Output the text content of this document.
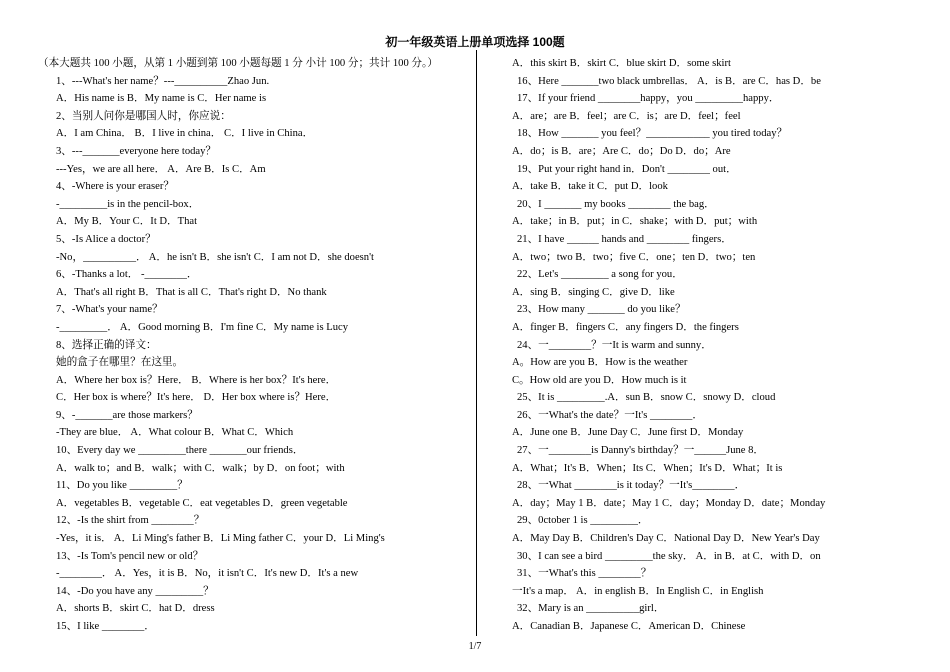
初一年级英语上册单项选择 100题
（本大题共 100 小题，从第 1 小题到第 100 小题每题 1 分 小计 100 分；共计 100 分。）
1、---What's her name？---__________Zhao Jun.
A．His name is B．My name is C．Her name is
2、当别人问你是哪国人时，你应说：
A．I am China． B．I live in china． C．I live in China．
3、---_______everyone here today？
---Yes，we are all here． A．Are B．Is C．Am
4、-Where is your eraser？
-_________is in the pencil-box．
A．My B．Your C．It D．That
5、-Is Alice a doctor？
-No，__________． A．he isn't B．she isn't C．I am not D．she doesn't
6、-Thanks a lot． -________．
A．That's all right B．That is all C．That's right D．No thank
7、-What's your name？
-_________． A．Good morning B．I'm fine C．My name is Lucy
8、选择正确的译文：
她的盒子在哪里？在这里。
A．Where her box is？Here． B．Where is her box？It's here．
C．Her box is where？It's here． D．Her box where is？Here．
9、-_______are those markers？
-They are blue． A．What colour B．What C．Which
10、Every day we _________there _______our friends．
A．walk to；and B．walk；with C．walk；by D．on foot；with
11、Do you like _________？
A．vegetables B．vegetable C．eat vegetables D．green vegetable
12、-Is the shirt from ________？
-Yes，it is． A．Li Ming's father B．Li Ming father C．your D．Li Ming's
13、-Is Tom's pencil new or old？
-________． A．Yes，it is B．No，it isn't C．It's new D．It's a new
14、-Do you have any _________？
A．shorts B．skirt C．hat D．dress
15、I like ________．
A．this skirt B．skirt C．blue skirt D．some skirt
16、Here _______two black umbrellas． A．is B．are C．has D．be
17、If your friend ________happy，you _________happy．
A．are；are B．feel；are C．is；are D．feel；feel
18、How _______ you feel？____________ you tired today？
A．do；is B．are；Are C．do；Do D．do；Are
19、Put your right hand in．Don't ________ out．
A．take B．take it C．put D．look
20、I _______ my books ________ the bag．
A．take；in B．put；in C．shake；with D．put；with
21、I have ______ hands and ________ fingers．
A．two；two B．two；five C．one；ten D．two；ten
22、Let's _________ a song for you．
A．sing B．singing C．give D．like
23、How many _______ do you like？
A．finger B．fingers C．any fingers D．the fingers
24、一________？一It is warm and sunny．
A。How are you B．How is the weather
C。How old are you D．How much is it
25、It is _________.A．sun B．snow C．snowy D．cloud
26、一What's the date？一It's ________．
A．June one B．June Day C．June first D．Monday
27、一________is Danny's birthday？一______June 8．
A．What；It's B．When；Its C．When；It's D．What；It is
28、一What ________is it today？一It's________．
A．day；May 1 B．date；May 1 C．day；Monday D．date；Monday
29、0ctober 1 is _________．
A．May Day B．Children's Day C．National Day D．New Year's Day
30、I can see a bird _________the sky． A．in B．at C．with D．on
31、一What's this ________？
一It's a map． A．in english B．In English C．in English
32、Mary is an __________girl．
A．Canadian B．Japanese C．American D．Chinese
1/7
